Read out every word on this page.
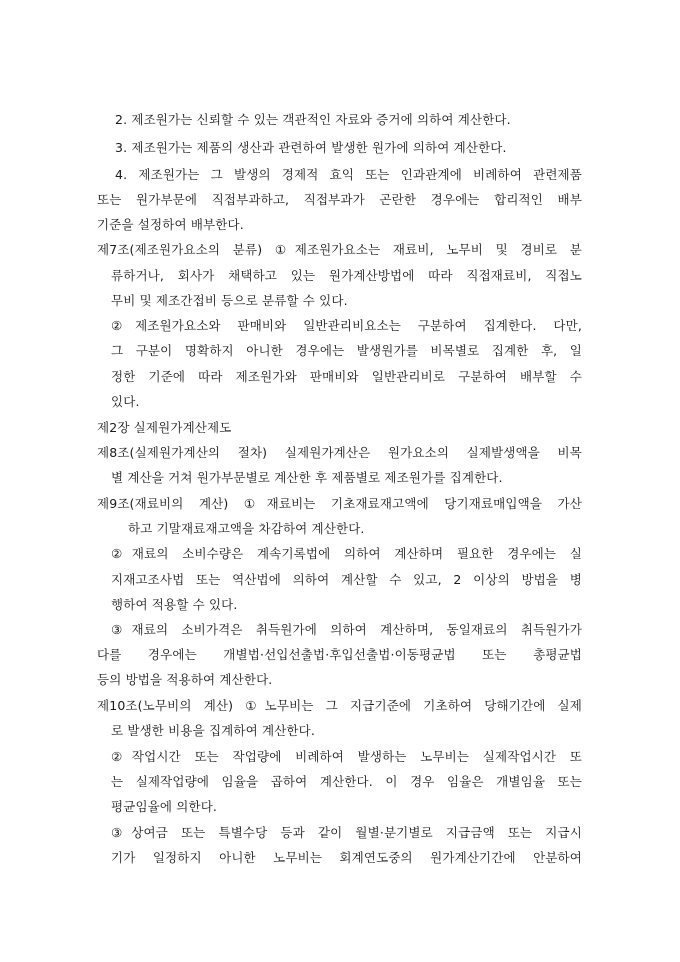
2. 제조원가는 신뢰할 수 있는 객관적인 자료와 증거에 의하여 계산한다.
3. 제조원가는 제품의 생산과 관련하여 발생한 원가에 의하여 계산한다.
4. 제조원가는 그 발생의 경제적 효익 또는 인과관계에 비례하여 관련제품
또는 원가부문에 직접부과하고, 직접부과가 곤란한 경우에는 합리적인 배부
기준을 설정하여 배부한다.
제7조(제조원가요소의 분류) ①제조원가요소는 재료비, 노무비 및 경비로 분
류하거나, 회사가 채택하고 있는 원가계산방법에 따라 직접재료비, 직접노
무비 및 제조간접비 등으로 분류할 수 있다.
②제조원가요소와 판매비와 일반관리비요소는 구분하여 집계한다. 다만,
그 구분이 명확하지 아니한 경우에는 발생원가를 비목별로 집계한 후, 일
정한 기준에 따라 제조원가와 판매비와 일반관리비로 구분하여 배부할 수
있다.
제2장 실제원가계산제도
제8조(실제원가계산의 절차) 실제원가계산은 원가요소의 실제발생액을 비목
별 계산을 거쳐 원가부문별로 계산한 후 제품별로 제조원가를 집계한다.
제9조(재료비의 계산) ①재료비는 기초재료재고액에 당기재료매입액을 가산
하고 기말재료재고액을 차감하여 계산한다.
②재료의 소비수량은 계속기록법에 의하여 계산하며 필요한 경우에는 실
지재고조사법 또는 역산법에 의하여 계산할 수 있고, 2 이상의 방법을 병
행하여 적용할 수 있다.
③재료의 소비가격은 취득원가에 의하여 계산하며, 동일재료의 취득원가가
다를 경우에는 개별법·선입선출법·후입선출법·이동평균법 또는 총평균법
등의 방법을 적용하여 계산한다.
제10조(노무비의 계산) ①노무비는 그 지급기준에 기초하여 당해기간에 실제
로 발생한 비용을 집계하여 계산한다.
②작업시간 또는 작업량에 비례하여 발생하는 노무비는 실제작업시간 또
는 실제작업량에 임율을 곱하여 계산한다. 이 경우 임율은 개별임율 또는
평균임율에 의한다.
③상여금 또는 특별수당 등과 같이 월별·분기별로 지급금액 또는 지급시
기가 일정하지 아니한 노무비는 회계연도중의 원가계산기간에 안분하여
